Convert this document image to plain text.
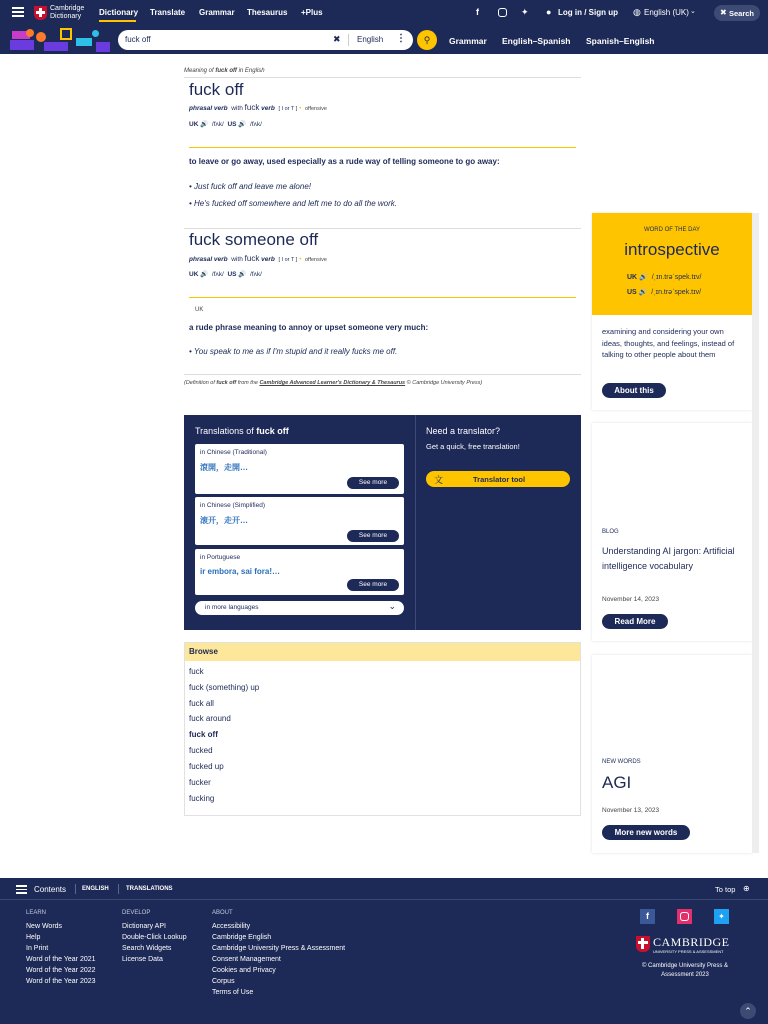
Cambridge
Dictionary Dictionary Translate Grammar Thesaurus +Plus	f	✦ ● Log in / Sign up ◍ English (UK) ⌄	✖ Search
fuck off	✖ English ⋮	⚲	Grammar English–Spanish Spanish–English
Meaning of fuck off in English
fuck off
phrasal verb with fuck verb [ I or T ] • offensive
UK 🔊 /fʌk/ US 🔊 /fʌk/
to leave or go away, used especially as a rude way of telling someone to go away:
• Just fuck off and leave me alone!
• He's fucked off somewhere and left me to do all the work.
fuck someone off
phrasal verb with fuck verb [ I or T ] • offensive
UK 🔊 /fʌk/ US 🔊 /fʌk/
UK
a rude phrase meaning to annoy or upset someone very much:
• You speak to me as if I'm stupid and it really fucks me off.
(Definition of fuck off from the Cambridge Advanced Learner's Dictionary & Thesaurus © Cambridge University Press)
Translations of fuck off
in Chinese (Traditional)
滾開，走開…
See more
in Chinese (Simplified)
滚开，走开…
See more
in Portuguese
ir embora, sai fora!…
See more
in more languages	⌄
Need a translator?
Get a quick, free translation!
文	Translator tool
Browse
fuck
fuck (something) up
fuck all
fuck around
fuck off
fucked
fucked up
fucker
fucking
WORD OF THE DAY
introspective
UK 🔊 /ˌɪn.trəˈspek.tɪv/
US 🔊 /ˌɪn.trəˈspek.tɪv/
examining and considering your own ideas, thoughts, and feelings, instead of talking to other people about them
About this
BLOG
Understanding AI jargon: Artificial intelligence vocabulary
November 14, 2023
Read More
NEW WORDS
AGI
November 13, 2023
More new words
Contents	ENGLISH	TRANSLATIONS	To top ⊕
LEARN
New Words
Help
In Print
Word of the Year 2021
Word of the Year 2022
Word of the Year 2023
DEVELOP
Dictionary API
Double-Click Lookup
Search Widgets
License Data
ABOUT
Accessibility
Cambridge English
Cambridge University Press & Assessment
Consent Management
Cookies and Privacy
Corpus
Terms of Use
f	✦
CAMBRIDGE
UNIVERSITY PRESS & ASSESSMENT
© Cambridge University Press & Assessment 2023
⌃
